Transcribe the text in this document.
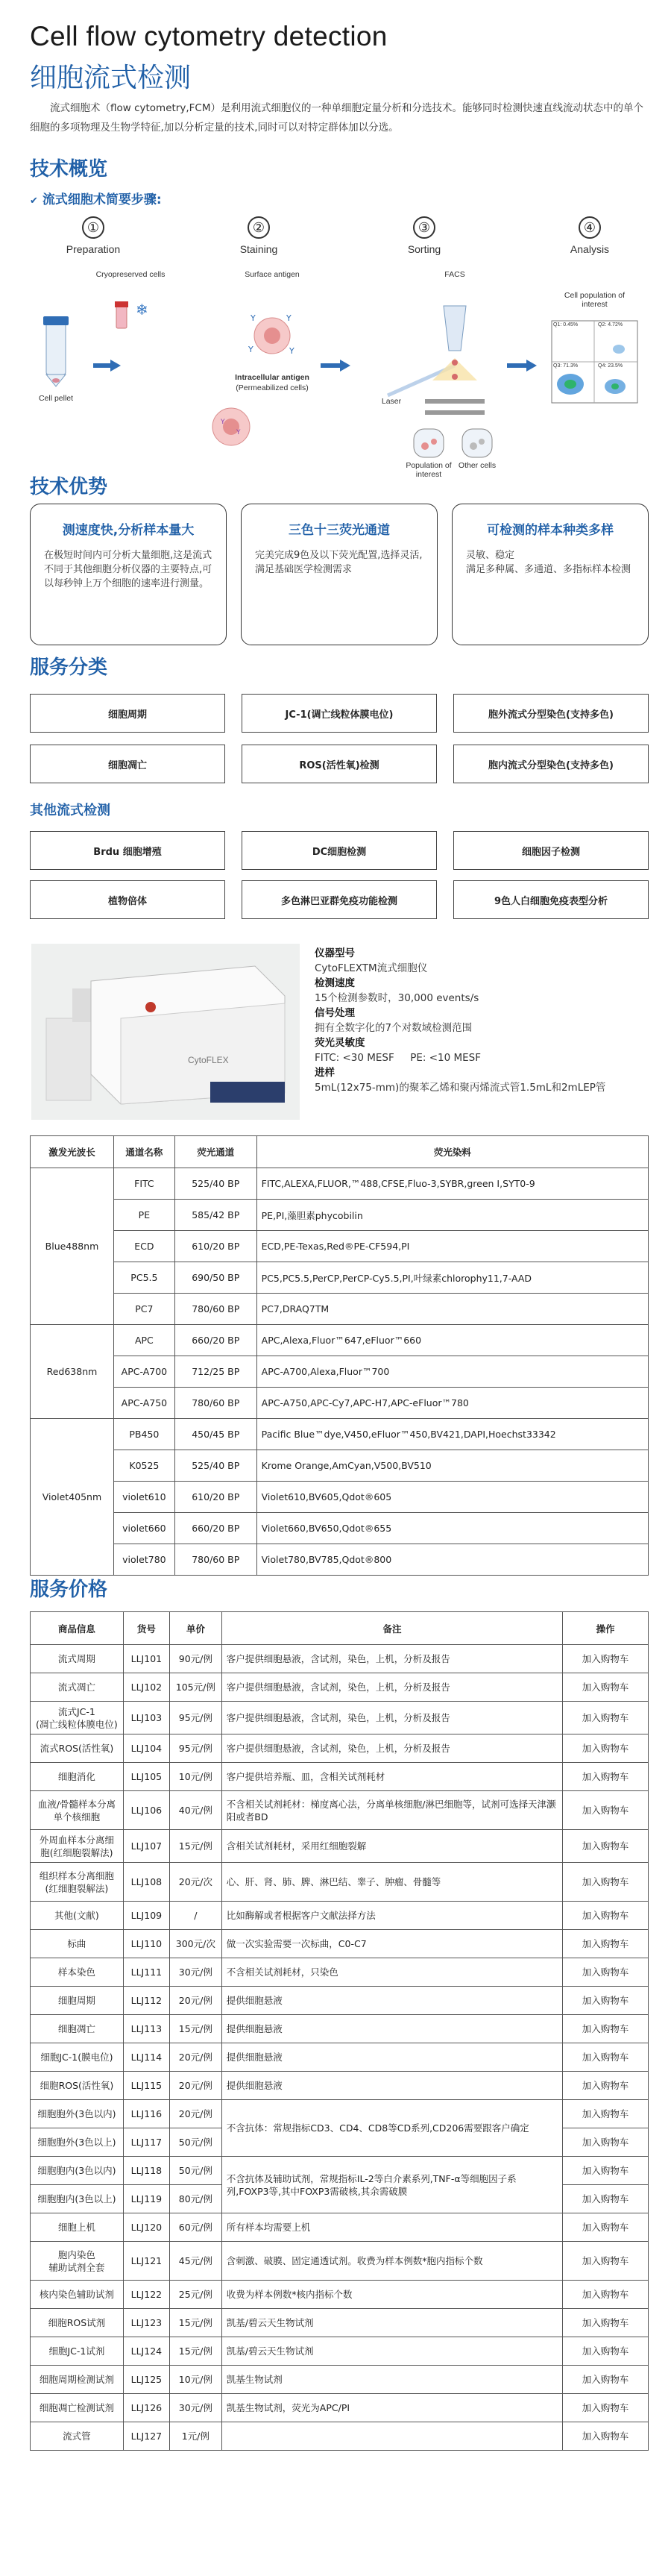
Cell flow cytometry detection
细胞流式检测
流式细胞术（flow cytometry,FCM）是利用流式细胞仪的一种单细胞定量分析和分选技术。能够同时检测快速直线流动状态中的单个细胞的多项物理及生物学特征,加以分析定量的技术,同时可以对特定群体加以分选。
技术概览
✔ 流式细胞术简要步骤:
①
Preparation
②
Staining
③
Sorting
④
Analysis
❄	Y	Y
Y	Y
Y
Y
Cryopreserved cells
Cell pellet
Surface antigen
Intracellular antigen
(Permeabilized cells)
FACS
Laser
Population of interest
Other cells
Cell population of interest
Q1: 0.45%	Q2: 4.72%
Q3: 71.3%	Q4: 23.5%
技术优势
测速度快,分析样本量大

在极短时间内可分析大量细胞,这是流式不同于其他细胞分析仪器的主要特点,可以每秒钟上万个细胞的速率进行测量。

三色十三荧光通道

完美完成9色及以下荧光配置,选择灵活,满足基础医学检测需求

可检测的样本种类多样

灵敏、稳定
满足多种属、多通道、多指标样本检测

服务分类
细胞周期	JC-1(调亡线粒体膜电位)	胞外流式分型染色(支持多色)
细胞凋亡	ROS(活性氧)检测	胞内流式分型染色(支持多色)
其他流式检测
Brdu 细胞增殖	DC细胞检测	细胞因子检测
植物倍体	多色淋巴亚群免疫功能检测	9色人白细胞免疫表型分析
CytoFLEX
仪器型号
CytoFLEXTM流式细胞仪
检测速度
15个检测参数时，30,000 events/s
信号处理
拥有全数字化的7个对数域检测范围
荧光灵敏度
FITC: <30 MESF     PE: <10 MESF
进样
5mL(12x75-mm)的聚苯乙烯和聚丙烯流式管1.5mL和2mLEP管
激发光波长	通道名称	荧光通道	荧光染料
Blue488nm	FITC	525/40 BP	FITC,ALEXA,FLUOR,™488,CFSE,Fluo-3,SYBR,green I,SYT0-9
	PE	585/42 BP	PE,PI,藻胆素phycobilin
	ECD	610/20 BP	ECD,PE-Texas,Red®PE-CF594,PI
	PC5.5	690/50 BP	PC5,PC5.5,PerCP,PerCP-Cy5.5,PI,叶绿素chlorophy11,7-AAD
	PC7	780/60 BP	PC7,DRAQ7TM
Red638nm	APC	660/20 BP	APC,Alexa,Fluor™647,eFluor™660
	APC-A700	712/25 BP	APC-A700,Alexa,Fluor™700
	APC-A750	780/60 BP	APC-A750,APC-Cy7,APC-H7,APC-eFluor™780
Violet405nm	PB450	450/45 BP	Pacific Blue™dye,V450,eFluor™450,BV421,DAPI,Hoechst33342
	K0525	525/40 BP	Krome Orange,AmCyan,V500,BV510
	violet610	610/20 BP	Violet610,BV605,Qdot®605
	violet660	660/20 BP	Violet660,BV650,Qdot®655
	violet780	780/60 BP	Violet780,BV785,Qdot®800
服务价格
商品信息	货号	单价	备注	操作
流式周期	LLJ101	90元/例	客户提供细胞悬液，含试剂，染色，上机，分析及报告	加入购物车
流式凋亡	LLJ102	105元/例	客户提供细胞悬液，含试剂，染色，上机，分析及报告	加入购物车
流式JC-1
(凋亡线粒体膜电位)	LLJ103	95元/例	客户提供细胞悬液，含试剂，染色，上机，分析及报告	加入购物车
流式ROS(活性氧)	LLJ104	95元/例	客户提供细胞悬液，含试剂，染色，上机，分析及报告	加入购物车
细胞消化	LLJ105	10元/例	客户提供培养瓶、皿，含相关试剂耗材	加入购物车
血液/骨髓样本分离单个核细胞	LLJ106	40元/例	不含相关试剂耗材：梯度离心法，分离单核细胞/淋巴细胞等，试剂可选择天津灏阳或者BD	加入购物车
外周血样本分离细胞(红细胞裂解法)	LLJ107	15元/例	含相关试剂耗材，采用红细胞裂解	加入购物车
组织样本分离细胞(红细胞裂解法)	LLJ108	20元/次	心、肝、肾、肺、脾、淋巴结、睾子、肿瘤、骨髓等	加入购物车
其他(文献)	LLJ109	/	比如酶解或者根据客户文献法择方法	加入购物车
标曲	LLJ110	300元/次	做一次实验需要一次标曲，C0-C7	加入购物车
样本染色	LLJ111	30元/例	不含相关试剂耗材，只染色	加入购物车
细胞周期	LLJ112	20元/例	提供细胞悬液	加入购物车
细胞凋亡	LLJ113	15元/例	提供细胞悬液	加入购物车
细胞JC-1(膜电位)	LLJ114	20元/例	提供细胞悬液	加入购物车
细胞ROS(活性氧)	LLJ115	20元/例	提供细胞悬液	加入购物车
细胞胞外(3色以内)	LLJ116	20元/例	不含抗体：常规指标CD3、CD4、CD8等CD系列,CD206需要跟客户确定	加入购物车
细胞胞外(3色以上)	LLJ117	50元/例		加入购物车
细胞胞内(3色以内)	LLJ118	50元/例	不含抗体及辅助试剂，常规指标IL-2等白介素系列,TNF-α等细胞因子系列,FOXP3等,其中FOXP3需破核,其余需破膜	加入购物车
细胞胞内(3色以上)	LLJ119	80元/例		加入购物车
细胞上机	LLJ120	60元/例	所有样本均需要上机	加入购物车
胞内染色
辅助试剂全套	LLJ121	45元/例	含刺激、破膜、固定通透试剂。收费为样本例数*胞内指标个数	加入购物车
核内染色辅助试剂	LLJ122	25元/例	收费为样本例数*核内指标个数	加入购物车
细胞ROS试剂	LLJ123	15元/例	凯基/碧云天生物试剂	加入购物车
细胞JC-1试剂	LLJ124	15元/例	凯基/碧云天生物试剂	加入购物车
细胞周期检测试剂	LLJ125	10元/例	凯基生物试剂	加入购物车
细胞凋亡检测试剂	LLJ126	30元/例	凯基生物试剂，荧光为APC/PI	加入购物车
流式管	LLJ127	1元/例		加入购物车
